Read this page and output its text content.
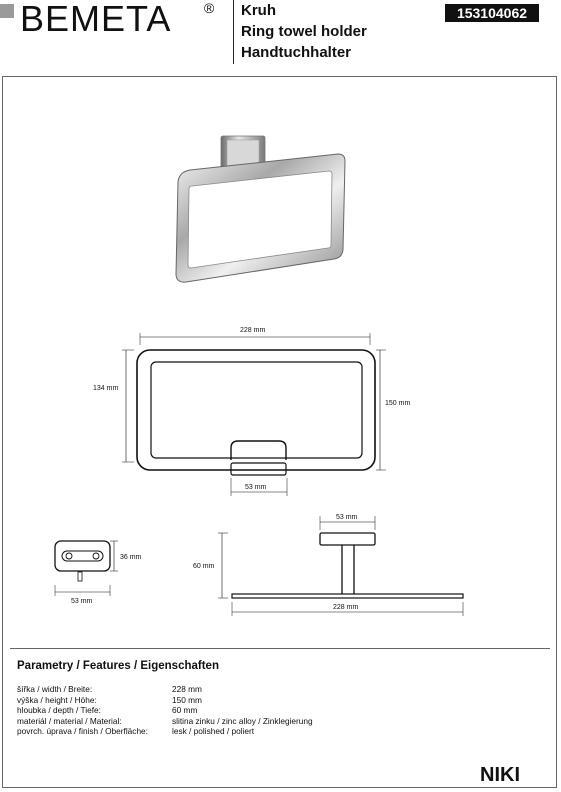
BEMETA ® Kruh
Ring towel holder
Handtuchhalter
153104062
228 mm
134 mm
150 mm
53 mm
36 mm
53 mm
53 mm
60 mm
228 mm
Parametry / Features / Eigenschaften
šířka / width / Breite:	228 mm
výška / height / Höhe:	150 mm
hloubka / depth / Tiefe:	60 mm
materiál / material / Material:	slitina zinku / zinc alloy / Zinklegierung
povrch. úprava / finish / Oberfläche:	lesk / polished / poliert
NIKI
